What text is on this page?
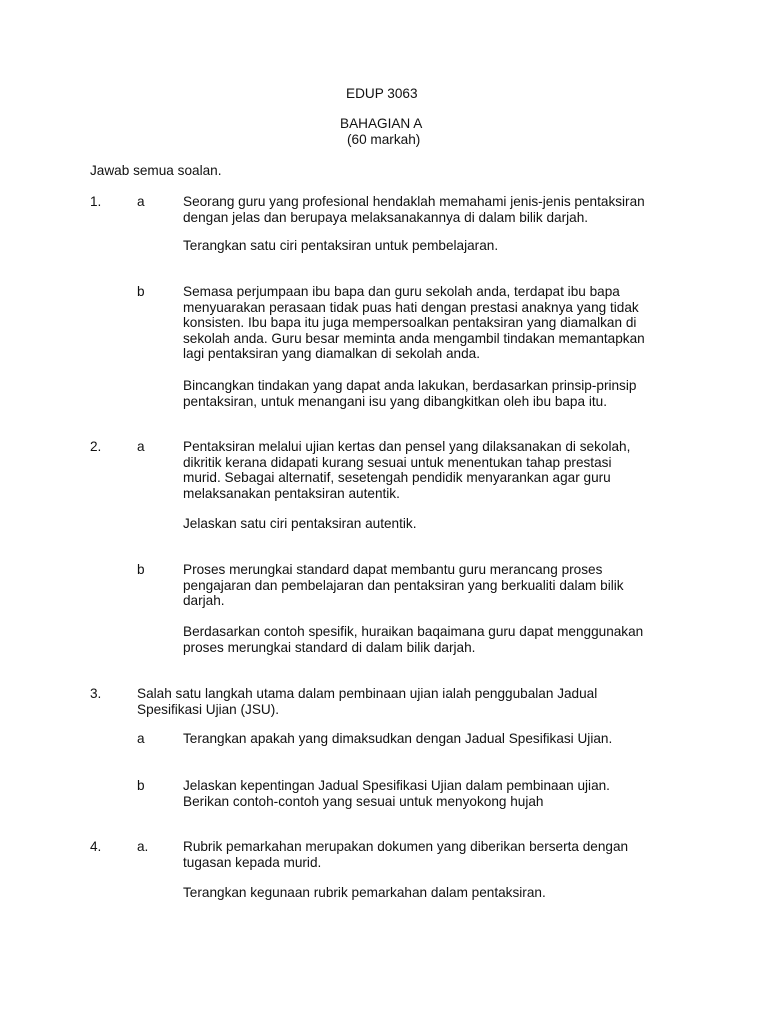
EDUP 3063

BAHAGIAN A

(60 markah)

Jawab semua soalan.

1.	a	Seorang guru yang profesional hendaklah memahami jenis-jenis pentaksiran
dengan jelas dan berupaya melaksanakannya di dalam bilik darjah.

Terangkan satu ciri pentaksiran untuk pembelajaran.

b	Semasa perjumpaan ibu bapa dan guru sekolah anda, terdapat ibu bapa
menyuarakan perasaan tidak puas hati dengan prestasi anaknya yang tidak
konsisten. Ibu bapa itu juga mempersoalkan pentaksiran yang diamalkan di
sekolah anda. Guru besar meminta anda mengambil tindakan memantapkan
lagi pentaksiran yang diamalkan di sekolah anda.

Bincangkan tindakan yang dapat anda lakukan, berdasarkan prinsip-prinsip
pentaksiran, untuk menangani isu yang dibangkitkan oleh ibu bapa itu.

2.	a	Pentaksiran melalui ujian kertas dan pensel yang dilaksanakan di sekolah,
dikritik kerana didapati kurang sesuai untuk menentukan tahap prestasi
murid. Sebagai alternatif, sesetengah pendidik menyarankan agar guru
melaksanakan pentaksiran autentik.

Jelaskan satu ciri pentaksiran autentik.

b	Proses merungkai standard dapat membantu guru merancang proses
pengajaran dan pembelajaran dan pentaksiran yang berkualiti dalam bilik
darjah.

Berdasarkan contoh spesifik, huraikan baqaimana guru dapat menggunakan
proses merungkai standard di dalam bilik darjah.

3.	Salah satu langkah utama dalam pembinaan ujian ialah penggubalan Jadual
Spesifikasi Ujian (JSU).

a	Terangkan apakah yang dimaksudkan dengan Jadual Spesifikasi Ujian.

b	Jelaskan kepentingan Jadual Spesifikasi Ujian dalam pembinaan ujian.
Berikan contoh-contoh yang sesuai untuk menyokong hujah

4.	a.	Rubrik pemarkahan merupakan dokumen yang diberikan berserta dengan
tugasan kepada murid.

Terangkan kegunaan rubrik pemarkahan dalam pentaksiran.
